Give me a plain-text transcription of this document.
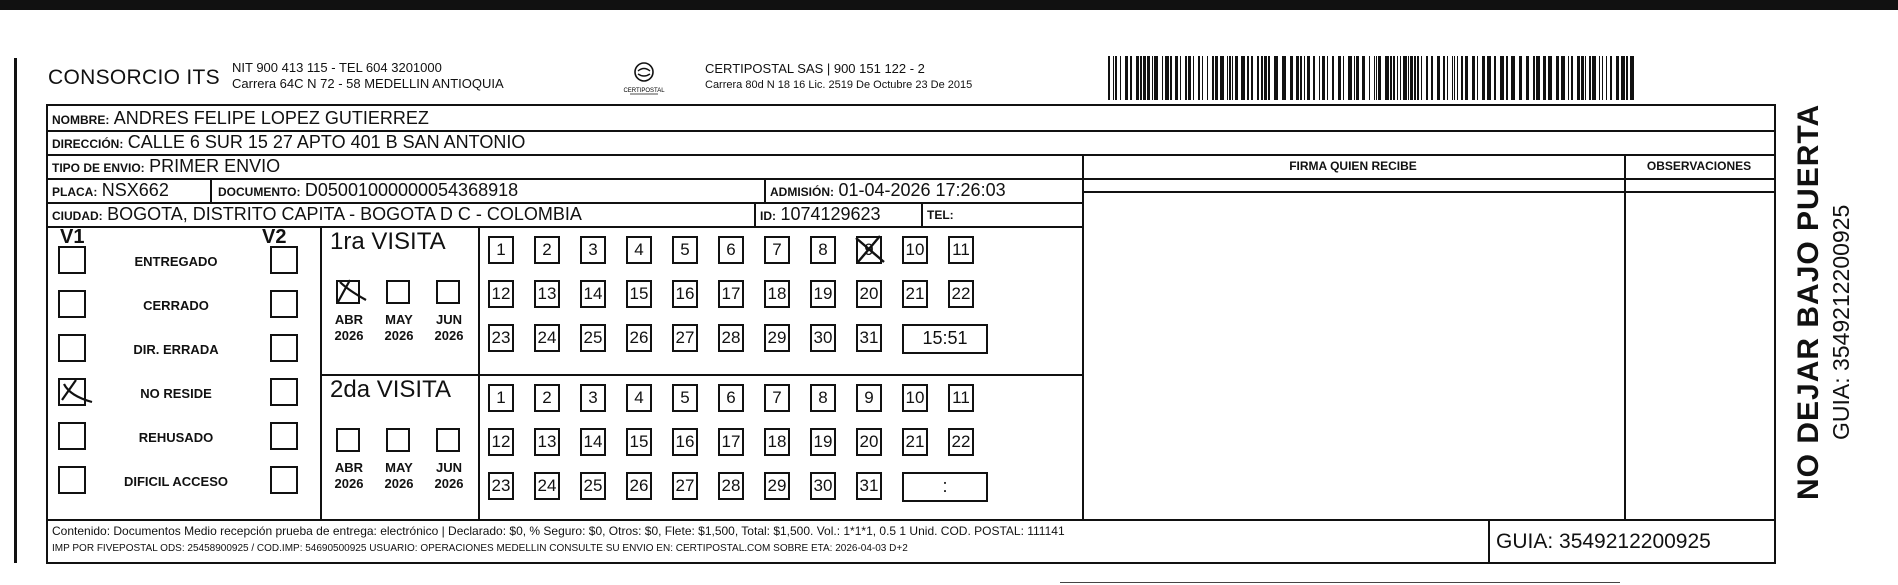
CONSORCIO ITS NIT 900 413 115 - TEL 604 3201000
Carrera 64C N 72 - 58 MEDELLIN ANTIOQUIA	CERTIPOSTAL
CERTIPOSTAL SAS | 900 151 122 - 2
Carrera 80d N 18 16 Lic. 2519 De Octubre 23 De 2015
NOMBRE: ANDRES FELIPE LOPEZ GUTIERREZ
DIRECCIÓN: CALLE 6 SUR 15 27 APTO 401 B SAN ANTONIO
TIPO DE ENVIO: PRIMER ENVIO	FIRMA QUIEN RECIBE	OBSERVACIONES
PLACA: NSX662	DOCUMENTO: D05001000000054368918	ADMISIÓN: 01-04-2026 17:26:03
CIUDAD: BOGOTA, DISTRITO CAPITA - BOGOTA D C - COLOMBIA	ID: 1074129623	TEL:
V1	V2
ENTREGADO
CERRADO
DIR. ERRADA
NO RESIDE
REHUSADO
DIFICIL ACCESO
1ra VISITA
ABR
2026
MAY
2026
JUN
2026
1	2	3	4	5	6	7	8	9	10 11
12 13 14 15 16 17 18 19 20 21 22
23 24 25 26 27 28 29 30 31	15:51
2da VISITA
ABR
2026
MAY
2026
JUN
2026
1	2	3	4	5	6	7	8	9	10 11
12 13 14 15 16 17 18 19 20 21 22
23 24 25 26 27 28 29 30 31	:
Contenido: Documentos Medio recepción prueba de entrega: electrónico | Declarado: $0, % Seguro: $0, Otros: $0, Flete: $1,500, Total: $1,500. Vol.: 1*1*1, 0.5 1 Unid. COD. POSTAL: 111141
IMP POR FIVEPOSTAL ODS: 25458900925 / COD.IMP: 54690500925 USUARIO: OPERACIONES MEDELLIN CONSULTE SU ENVIO EN: CERTIPOSTAL.COM SOBRE ETA: 2026-04-03 D+2	GUIA: 3549212200925
NO DEJAR BAJO PUERTA GUIA: 3549212200925
